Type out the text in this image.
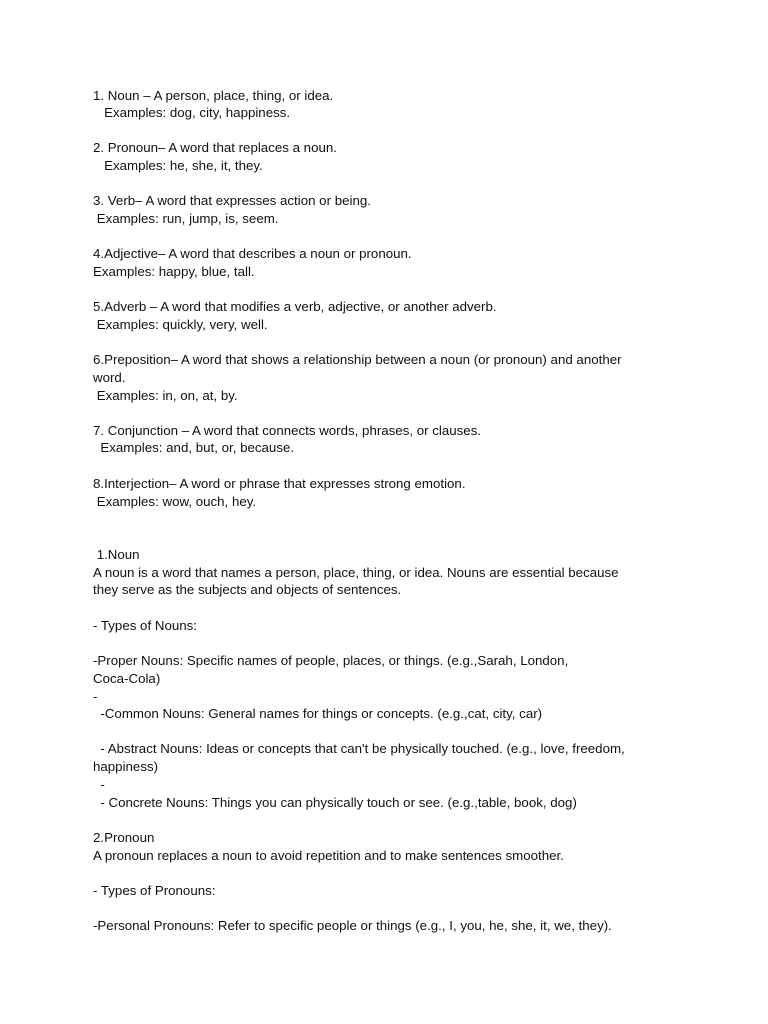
1. Noun – A person, place, thing, or idea.
Examples: dog, city, happiness.
2. Pronoun– A word that replaces a noun.
Examples: he, she, it, they.
3. Verb– A word that expresses action or being.
Examples: run, jump, is, seem.
4.Adjective– A word that describes a noun or pronoun.
Examples: happy, blue, tall.
5.Adverb – A word that modifies a verb, adjective, or another adverb.
Examples: quickly, very, well.
6.Preposition– A word that shows a relationship between a noun (or pronoun) and another
word.
Examples: in, on, at, by.
7. Conjunction – A word that connects words, phrases, or clauses.
Examples: and, but, or, because.
8.Interjection– A word or phrase that expresses strong emotion.
Examples: wow, ouch, hey.
1.Noun
A noun is a word that names a person, place, thing, or idea. Nouns are essential because
they serve as the subjects and objects of sentences.
- Types of Nouns:
-Proper Nouns: Specific names of people, places, or things. (e.g.,Sarah, London,
Coca-Cola)
-
-Common Nouns: General names for things or concepts. (e.g.,cat, city, car)
- Abstract Nouns: Ideas or concepts that can't be physically touched. (e.g., love, freedom,
happiness)
-
- Concrete Nouns: Things you can physically touch or see. (e.g.,table, book, dog)
2.Pronoun
A pronoun replaces a noun to avoid repetition and to make sentences smoother.
- Types of Pronouns:
-Personal Pronouns: Refer to specific people or things (e.g., I, you, he, she, it, we, they).
